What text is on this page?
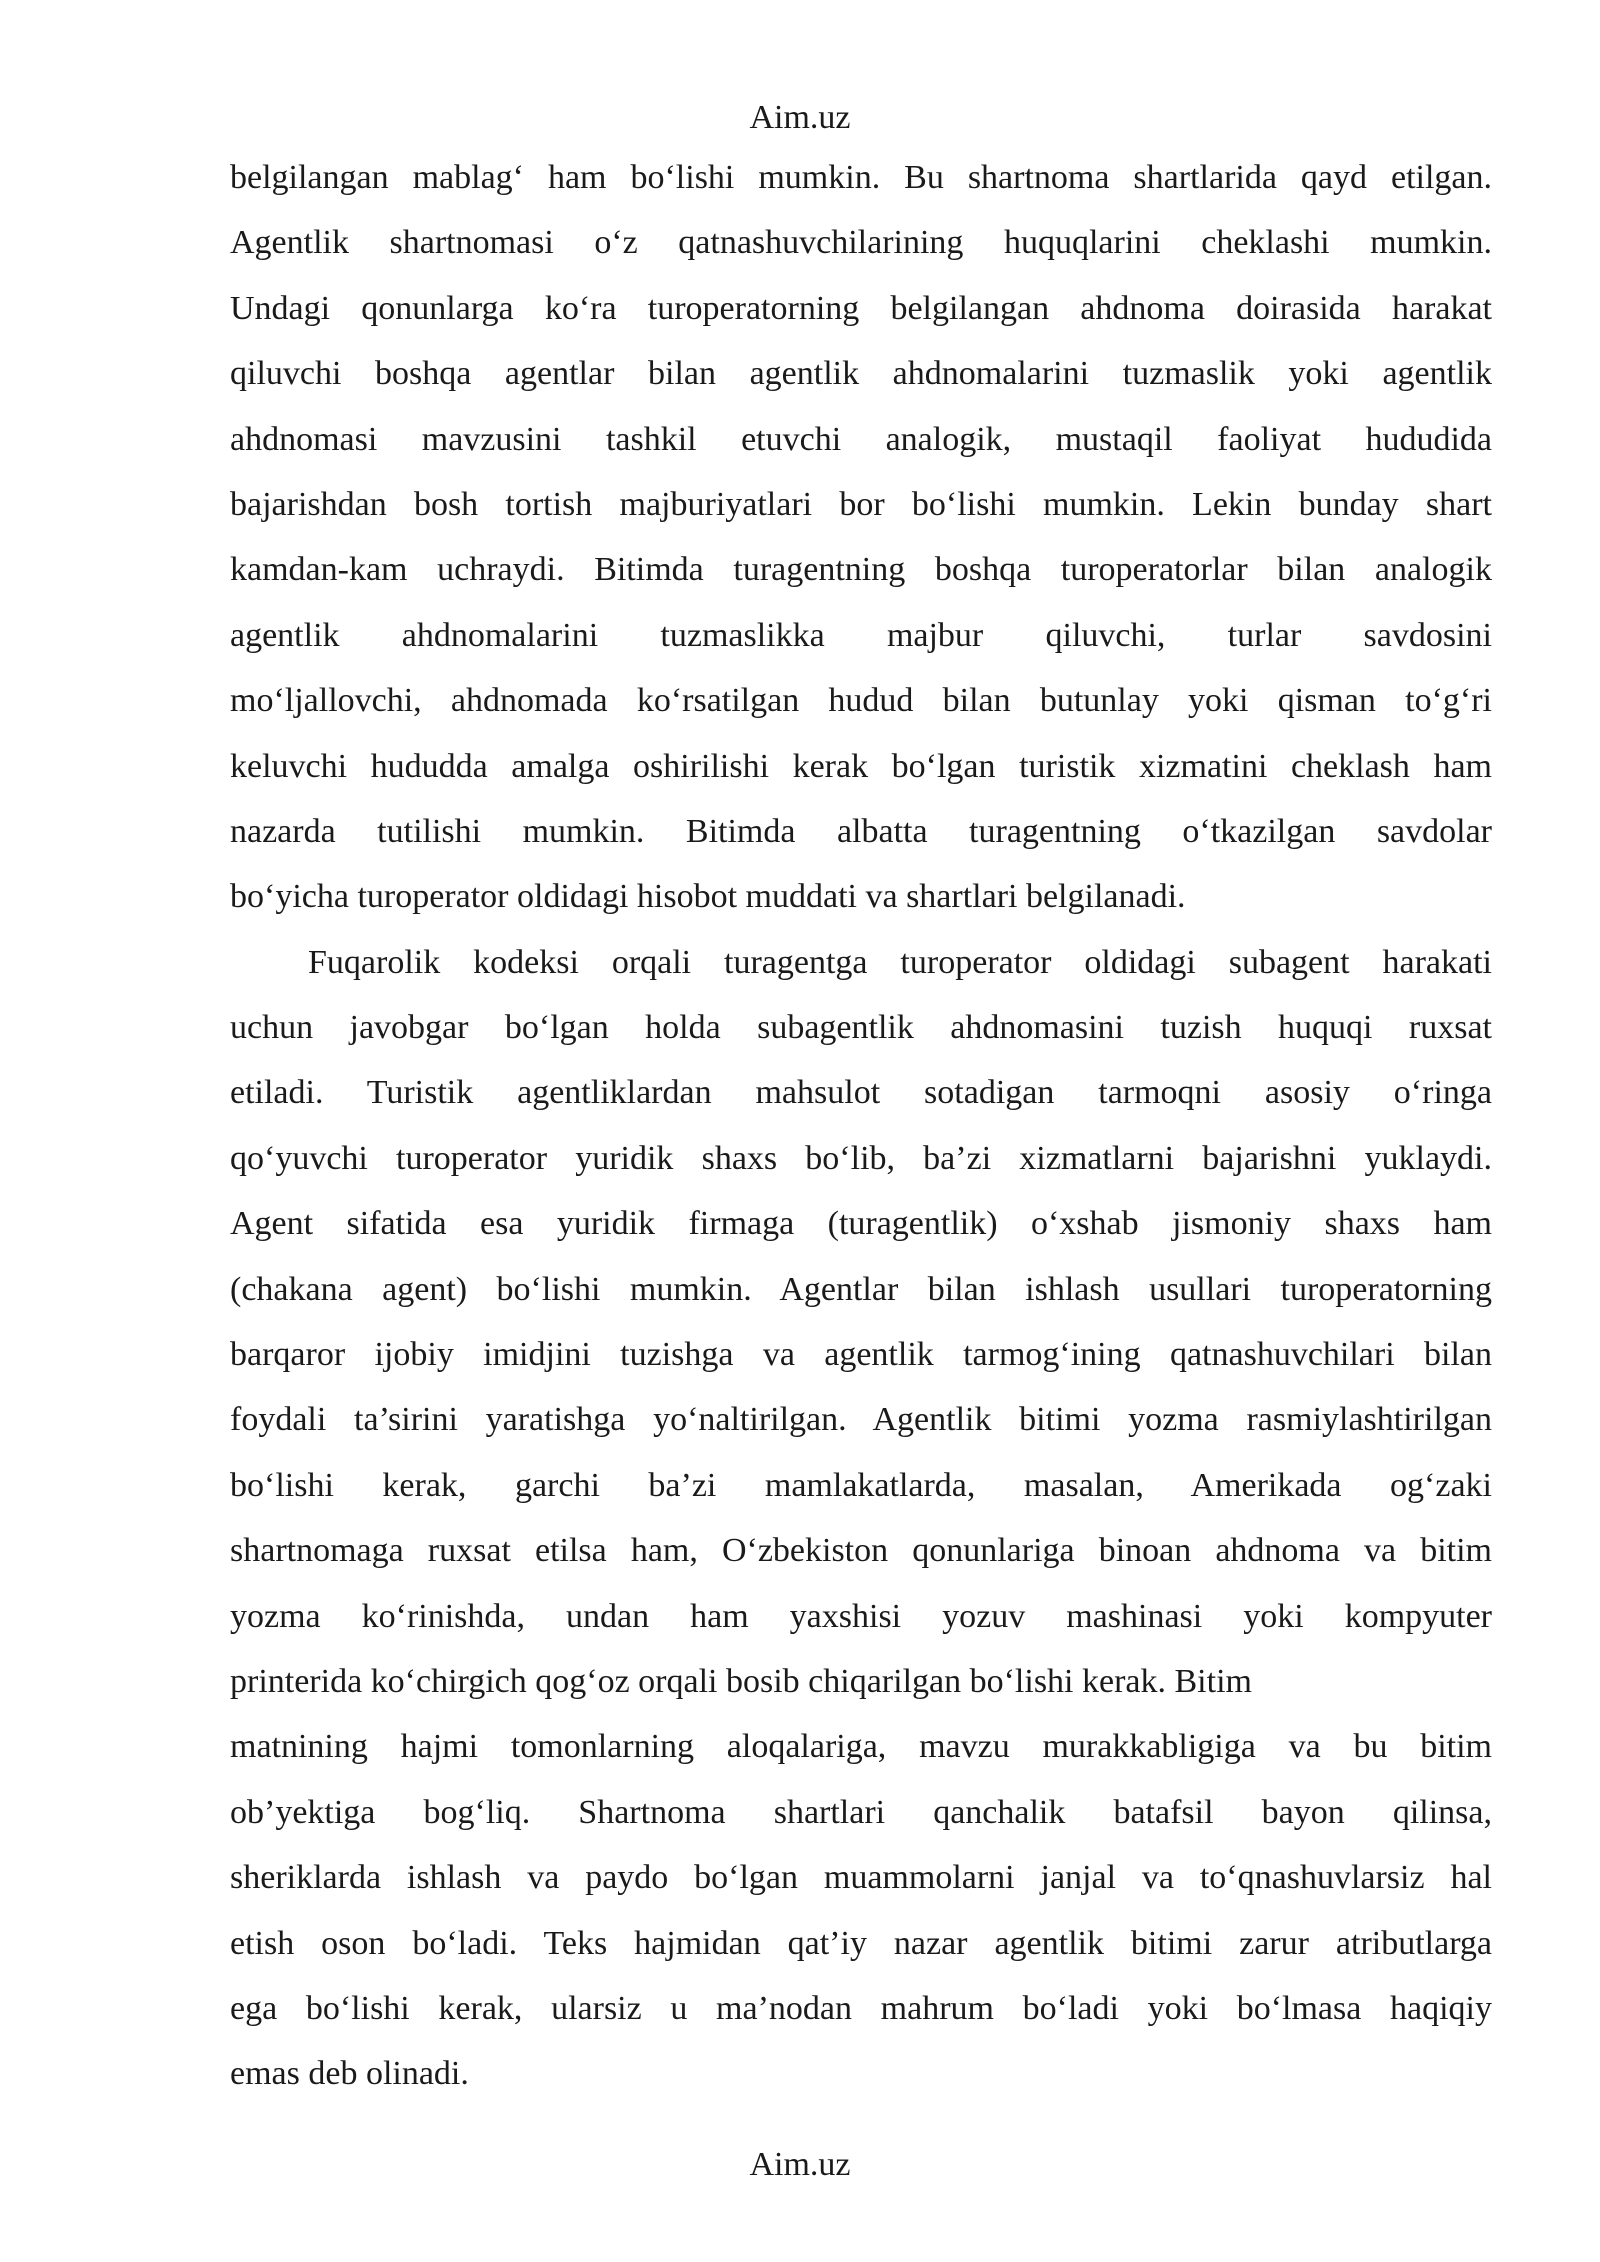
Aim.uz
belgilangan mablag‘ ham bo‘lishi mumkin. Bu shartnoma shartlarida qayd etilgan.
Agentlik shartnomasi o‘z qatnashuvchilarining huquqlarini cheklashi mumkin.
Undagi qonunlarga ko‘ra turoperatorning belgilangan ahdnoma doirasida harakat
qiluvchi boshqa agentlar bilan agentlik ahdnomalarini tuzmaslik yoki agentlik
ahdnomasi mavzusini tashkil etuvchi analogik, mustaqil faoliyat hududida
bajarishdan bosh tortish majburiyatlari bor bo‘lishi mumkin. Lekin bunday shart
kamdan-kam uchraydi. Bitimda turagentning boshqa turoperatorlar bilan analogik
agentlik ahdnomalarini tuzmaslikka majbur qiluvchi, turlar savdosini
mo‘ljallovchi, ahdnomada ko‘rsatilgan hudud bilan butunlay yoki qisman to‘g‘ri
keluvchi hududda amalga oshirilishi kerak bo‘lgan turistik xizmatini cheklash ham
nazarda tutilishi mumkin. Bitimda albatta turagentning o‘tkazilgan savdolar
bo‘yicha turoperator oldidagi hisobot muddati va shartlari belgilanadi.
Fuqarolik kodeksi orqali turagentga turoperator oldidagi subagent harakati
uchun javobgar bo‘lgan holda subagentlik ahdnomasini tuzish huquqi ruxsat
etiladi. Turistik agentliklardan mahsulot sotadigan tarmoqni asosiy o‘ringa
qo‘yuvchi turoperator yuridik shaxs bo‘lib, ba’zi xizmatlarni bajarishni yuklaydi.
Agent sifatida esa yuridik firmaga (turagentlik) o‘xshab jismoniy shaxs ham
(chakana agent) bo‘lishi mumkin. Agentlar bilan ishlash usullari turoperatorning
barqaror ijobiy imidjini tuzishga va agentlik tarmog‘ining qatnashuvchilari bilan
foydali ta’sirini yaratishga yo‘naltirilgan. Agentlik bitimi yozma rasmiylashtirilgan
bo‘lishi kerak, garchi ba’zi mamlakatlarda, masalan, Amerikada og‘zaki
shartnomaga ruxsat etilsa ham, O‘zbekiston qonunlariga binoan ahdnoma va bitim
yozma ko‘rinishda, undan ham yaxshisi yozuv mashinasi yoki kompyuter
printerida ko‘chirgich qog‘oz orqali bosib chiqarilgan bo‘lishi kerak. Bitim
matnining hajmi tomonlarning aloqalariga, mavzu murakkabligiga va bu bitim
ob’yektiga bog‘liq. Shartnoma shartlari qanchalik batafsil bayon qilinsa,
sheriklarda ishlash va paydo bo‘lgan muammolarni janjal va to‘qnashuvlarsiz hal
etish oson bo‘ladi. Teks hajmidan qat’iy nazar agentlik bitimi zarur atributlarga
ega bo‘lishi kerak, ularsiz u ma’nodan mahrum bo‘ladi yoki bo‘lmasa haqiqiy
emas deb olinadi.
Aim.uz
